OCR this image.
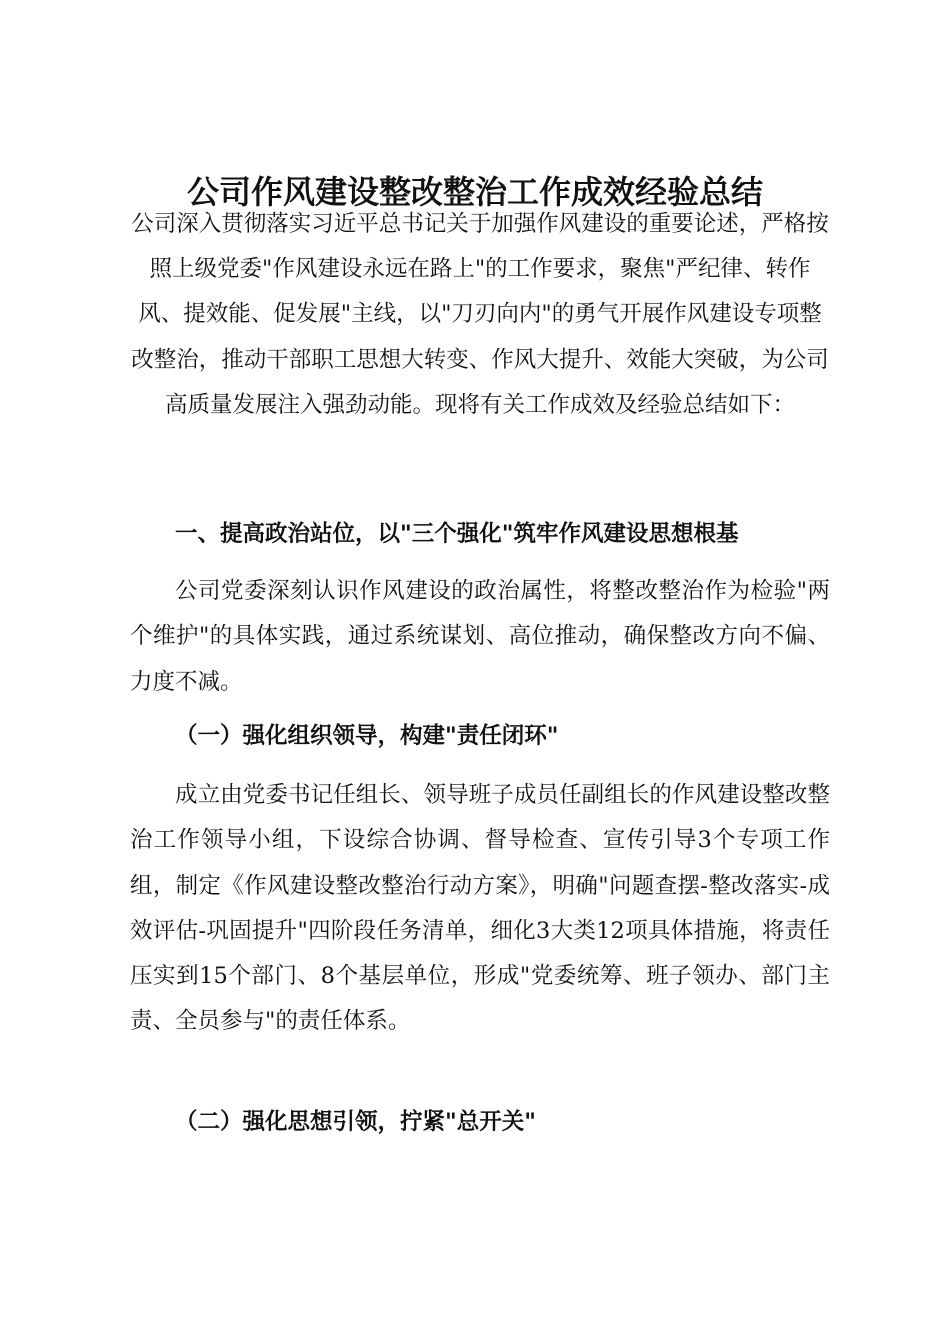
公司作风建设整改整治工作成效经验总结

公司深入贯彻落实习近平总书记关于加强作风建设的重要论述，严格按照上级党委"作风建设永远在路上"的工作要求，聚焦"严纪律、转作风、提效能、促发展"主线，以"刀刃向内"的勇气开展作风建设专项整改整治，推动干部职工思想大转变、作风大提升、效能大突破，为公司高质量发展注入强劲动能。现将有关工作成效及经验总结如下：

一、提高政治站位，以"三个强化"筑牢作风建设思想根基

公司党委深刻认识作风建设的政治属性，将整改整治作为检验"两个维护"的具体实践，通过系统谋划、高位推动，确保整改方向不偏、力度不减。

（一）强化组织领导，构建"责任闭环"

成立由党委书记任组长、领导班子成员任副组长的作风建设整改整治工作领导小组，下设综合协调、督导检查、宣传引导3个专项工作组，制定《作风建设整改整治行动方案》，明确"问题查摆-整改落实-成效评估-巩固提升"四阶段任务清单，细化3大类12项具体措施，将责任压实到15个部门、8个基层单位，形成"党委统筹、班子领办、部门主责、全员参与"的责任体系。

（二）强化思想引领，拧紧"总开关"
